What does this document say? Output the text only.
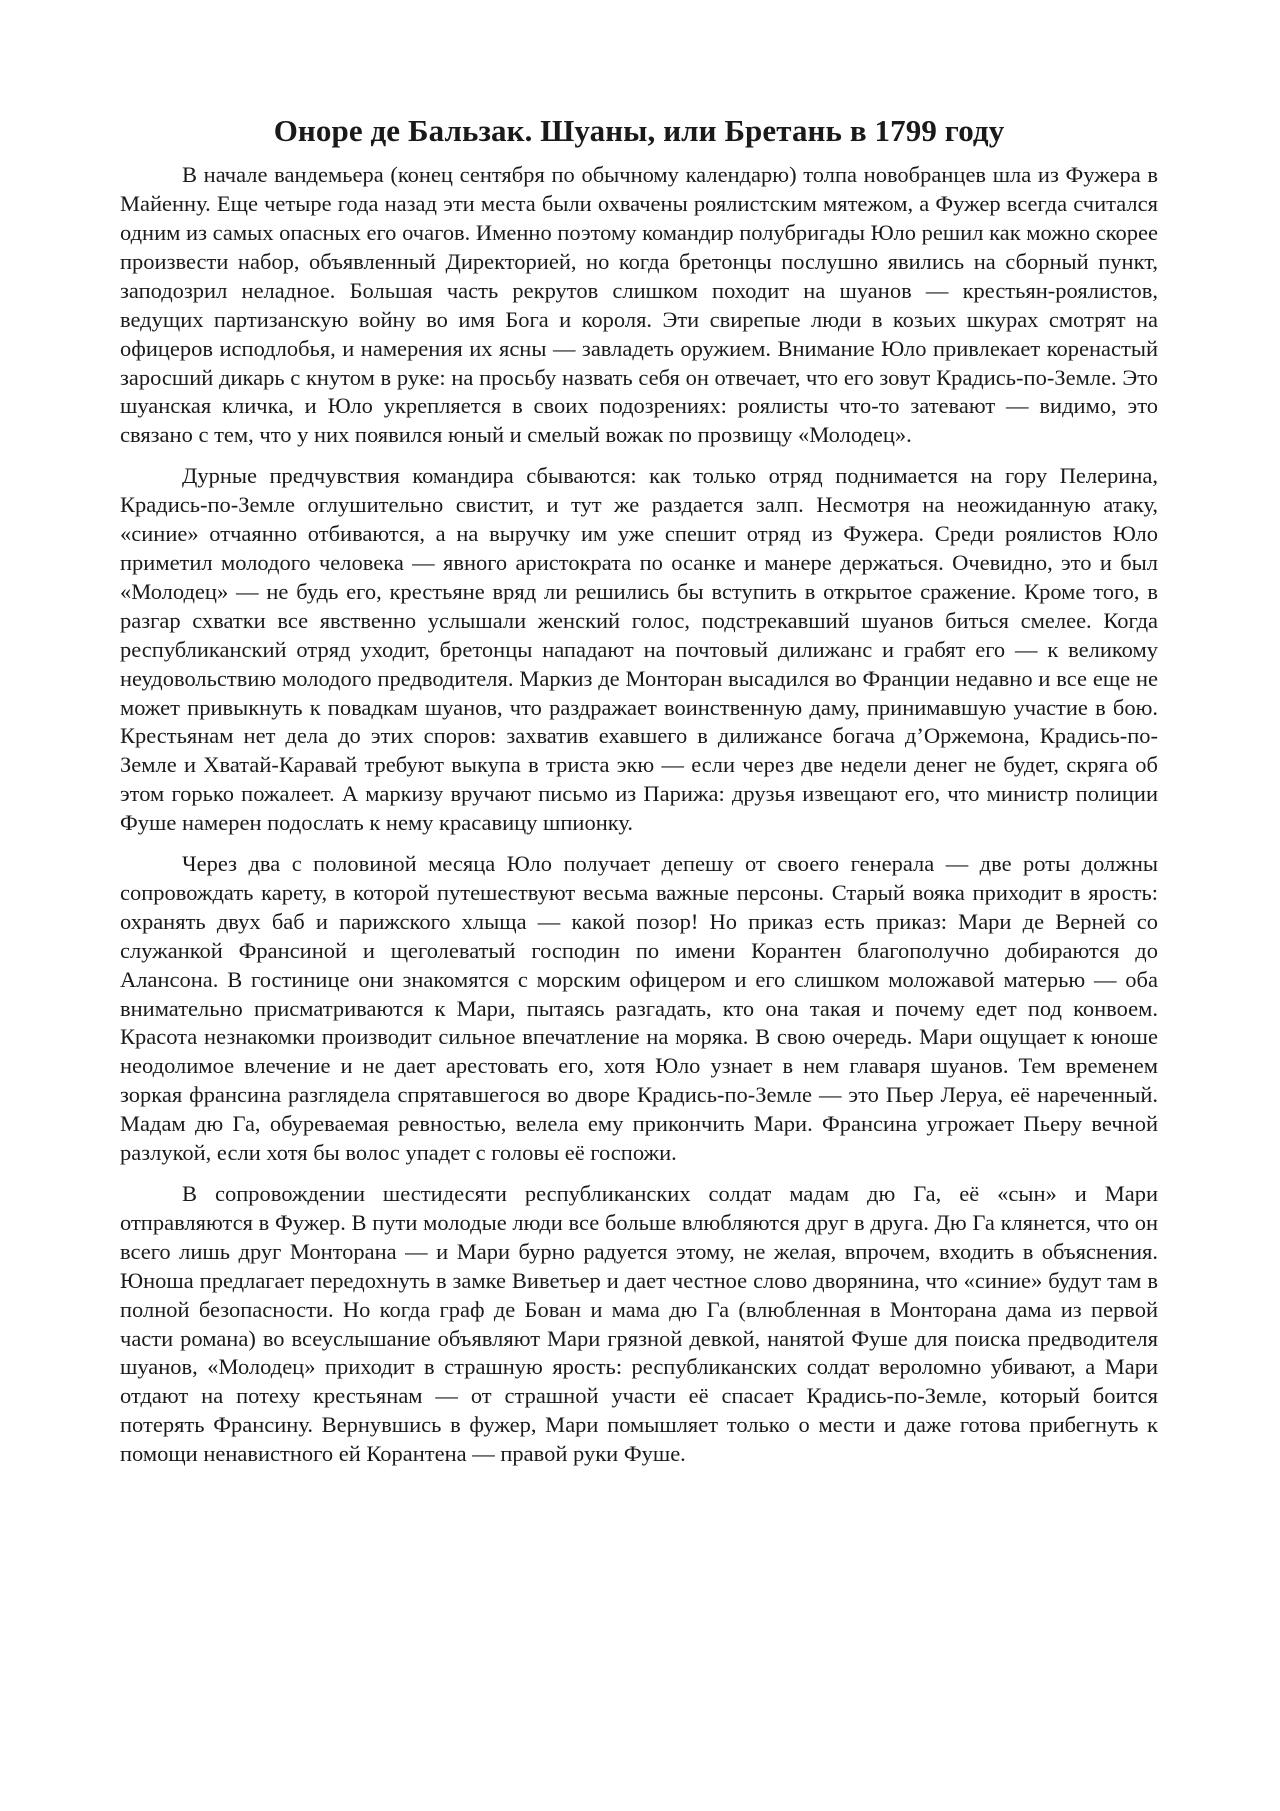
Оноре де Бальзак. Шуаны, или Бретань в 1799 году

В начале вандемьера (конец сентября по обычному календарю) толпа новобранцев шла из Фужера в Майенну. Еще четыре года назад эти места были охвачены роялистским мятежом, а Фужер всегда считался одним из самых опасных его очагов. Именно поэтому командир полубригады Юло решил как можно скорее произвести набор, объявленный Директорией, но когда бретонцы послушно явились на сборный пункт, заподозрил неладное. Большая часть рекрутов слишком походит на шуанов — крестьян-роялистов, ведущих партизанскую войну во имя Бога и короля. Эти свирепые люди в козьих шкурах смотрят на офицеров исподлобья, и намерения их ясны — завладеть оружием. Внимание Юло привлекает коренастый заросший дикарь с кнутом в руке: на просьбу назвать себя он отвечает, что его зовут Крадись-по-Земле. Это шуанская кличка, и Юло укрепляется в своих подозрениях: роялисты что-то затевают — видимо, это связано с тем, что у них появился юный и смелый вожак по прозвищу «Молодец».

Дурные предчувствия командира сбываются: как только отряд поднимается на гору Пелерина, Крадись-по-Земле оглушительно свистит, и тут же раздается залп. Несмотря на неожиданную атаку, «синие» отчаянно отбиваются, а на выручку им уже спешит отряд из Фужера. Среди роялистов Юло приметил молодого человека — явного аристократа по осанке и манере держаться. Очевидно, это и был «Молодец» — не будь его, крестьяне вряд ли решились бы вступить в открытое сражение. Кроме того, в разгар схватки все явственно услышали женский голос, подстрекавший шуанов биться смелее. Когда республиканский отряд уходит, бретонцы нападают на почтовый дилижанс и грабят его — к великому неудовольствию молодого предводителя. Маркиз де Монторан высадился во Франции недавно и все еще не может привыкнуть к повадкам шуанов, что раздражает воинственную даму, принимавшую участие в бою. Крестьянам нет дела до этих споров: захватив ехавшего в дилижансе богача д’Оржемона, Крадись-по-Земле и Хватай-Каравай требуют выкупа в триста экю — если через две недели денег не будет, скряга об этом горько пожалеет. А маркизу вручают письмо из Парижа: друзья извещают его, что министр полиции Фуше намерен подослать к нему красавицу шпионку.

Через два с половиной месяца Юло получает депешу от своего генерала — две роты должны сопровождать карету, в которой путешествуют весьма важные персоны. Старый вояка приходит в ярость: охранять двух баб и парижского хлыща — какой позор! Но приказ есть приказ: Мари де Верней со служанкой Франсиной и щеголеватый господин по имени Корантен благополучно добираются до Алансона. В гостинице они знакомятся с морским офицером и его слишком моложавой матерью — оба внимательно присматриваются к Мари, пытаясь разгадать, кто она такая и почему едет под конвоем. Красота незнакомки производит сильное впечатление на моряка. В свою очередь. Мари ощущает к юноше неодолимое влечение и не дает арестовать его, хотя Юло узнает в нем главаря шуанов. Тем временем зоркая франсина разглядела спрятавшегося во дворе Крадись-по-Земле — это Пьер Леруа, её нареченный. Мадам дю Га, обуреваемая ревностью, велела ему прикончить Мари. Франсина угрожает Пьеру вечной разлукой, если хотя бы волос упадет с головы её госпожи.

В сопровождении шестидесяти республиканских солдат мадам дю Га, её «сын» и Мари отправляются в Фужер. В пути молодые люди все больше влюбляются друг в друга. Дю Га клянется, что он всего лишь друг Монторана — и Мари бурно радуется этому, не желая, впрочем, входить в объяснения. Юноша предлагает передохнуть в замке Виветьер и дает честное слово дворянина, что «синие» будут там в полной безопасности. Но когда граф де Бован и мама дю Га (влюбленная в Монторана дама из первой части романа) во всеуслышание объявляют Мари грязной девкой, нанятой Фуше для поиска предводителя шуанов, «Молодец» приходит в страшную ярость: республиканских солдат вероломно убивают, а Мари отдают на потеху крестьянам — от страшной участи её спасает Крадись-по-Земле, который боится потерять Франсину. Вернувшись в фужер, Мари помышляет только о мести и даже готова прибегнуть к помощи ненавистного ей Корантена — правой руки Фуше.
